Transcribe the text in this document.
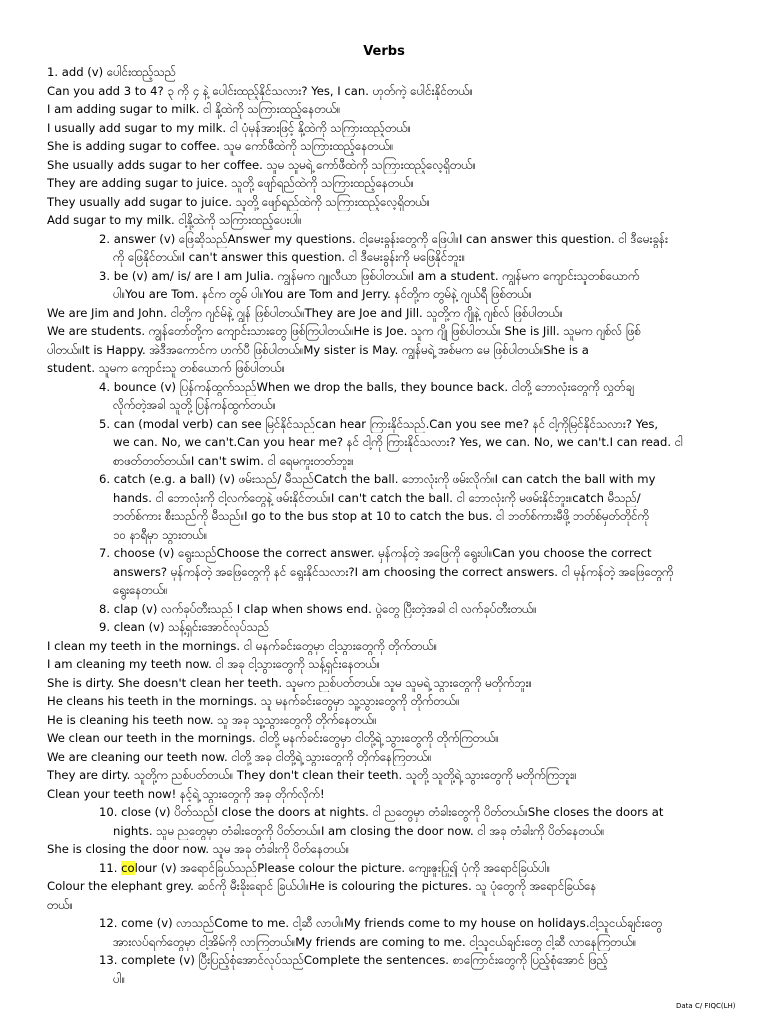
Verbs
1. add (v) ပေါင်းထည့်သည်
Can you add 3 to 4? ၃ ကို ၄ နဲ့ ပေါင်းထည့်နိုင်သလား? Yes, I can. ဟုတ်ကဲ့ ပေါင်းနိုင်တယ်။
I am adding sugar to milk. ငါ နို့ထဲကို သကြားထည့်နေတယ်။
I usually add sugar to my milk. ငါ ပုံမှန်အားဖြင့် နို့ထဲကို သကြားထည့်တယ်။
She is adding sugar to coffee. သူမ ကော်ဖီထဲကို သကြားထည့်နေတယ်။
She usually adds sugar to her coffee. သူမ သူမရဲ့ ကော်ဖီထဲကို သကြားထည့်လေ့ရှိတယ်။
They are adding sugar to juice. သူတို့ ဖျော်ရည်ထဲကို သကြားထည့်နေတယ်။
They usually add sugar to juice. သူတို့ ဖျော်ရည်ထဲကို သကြားထည့်လေ့ရှိတယ်။
Add sugar to my milk. ငါ့နို့ထဲကို သကြားထည့်ပေးပါ။
2. answer (v) ဖြေဆိုသည်Answer my questions. ငါ့မေးခွန်းတွေကို ဖြေပါ။I can answer this question. ငါ ဒီမေးခွန်း
ကို ဖြေနိုင်တယ်။I can't answer this question. ငါ ဒီမေးခွန်းကို မဖြေနိုင်ဘူး။
3. be (v) am/ is/ are I am Julia. ကျွန်မက ဂျူလီယာ ဖြစ်ပါတယ်။I am a student. ကျွန်မက ကျောင်းသူတစ်ယောက်
ပါ။You are Tom. နင်က တွမ် ပါ။You are Tom and Jerry. နင်တို့က တွမ်နဲ့ ဂျယ်ရီ ဖြစ်တယ်။
We are Jim and John. ငါတို့က ဂျင်မ်နဲ့ ဂျွန် ဖြစ်ပါတယ်။They are Joe and Jill. သူတို့က ဂျိုနဲ့ ဂျစ်လ် ဖြစ်ပါတယ်။
We are students. ကျွန်တော်တို့က ကျောင်းသားတွေ ဖြစ်ကြပါတယ်။He is Joe. သူက ဂျို ဖြစ်ပါတယ်။ She is Jill. သူမက ဂျစ်လ် ဖြစ်
ပါတယ်။It is Happy. အဲဒီအကောင်က ဟက်ပီ ဖြစ်ပါတယ်။My sister is May. ကျွန်မရဲ့ အစ်မက မေ ဖြစ်ပါတယ်။She is a
student. သူမက ကျောင်းသူ တစ်ယောက် ဖြစ်ပါတယ်။
4. bounce (v) ပြန်ကန်ထွက်သည်When we drop the balls, they bounce back. ငါတို့ ဘောလုံးတွေကို လွှတ်ချ
လိုက်တဲ့အခါ သူတို့ ပြန်ကန်ထွက်တယ်။
5. can (modal verb) can see မြင်နိုင်သည်can hear ကြားနိုင်သည်.Can you see me? နင် ငါ့ကိုမြင်နိုင်သလား? Yes,
we can. No, we can't.Can you hear me? နင် ငါ့ကို ကြားနိုင်သလား? Yes, we can. No, we can't.I can read. ငါ
စာဖတ်တတ်တယ်။I can't swim. ငါ ရေမကူးတတ်ဘူး။
6. catch (e.g. a ball) (v) ဖမ်းသည်/ မီသည်Catch the ball. ဘောလုံးကို ဖမ်းလိုက်။I can catch the ball with my
hands. ငါ ဘောလုံးကို ငါ့လက်တွေနဲ့ ဖမ်းနိုင်တယ်။I can't catch the ball. ငါ ဘောလုံးကို မဖမ်းနိုင်ဘူး။catch မီသည်/
ဘတ်စ်ကား စီးသည်ကို မီသည်။I go to the bus stop at 10 to catch the bus. ငါ ဘတ်စ်ကားမီဖို့ ဘတ်စ်မှတ်တိုင်ကို
၁၀ နာရီမှာ သွားတယ်။
7. choose (v) ရွေးသည်Choose the correct answer. မှန်ကန်တဲ့ အဖြေကို ရွေးပါ။Can you choose the correct
answers? မှန်ကန်တဲ့ အဖြေတွေကို နင် ရွေးနိုင်သလား?I am choosing the correct answers. ငါ မှန်ကန်တဲ့ အဖြေတွေကို
ရွေးနေတယ်။
8. clap (v) လက်ခုပ်တီးသည် I clap when shows end. ပွဲတွေ ပြီးတဲ့အခါ ငါ လက်ခုပ်တီးတယ်။
9. clean (v) သန့်ရှင်းအောင်လုပ်သည်
I clean my teeth in the mornings. ငါ မနက်ခင်းတွေမှာ ငါ့သွားတွေကို တိုက်တယ်။
I am cleaning my teeth now. ငါ အခု ငါ့သွားတွေကို သန့်ရှင်းနေတယ်။
She is dirty. She doesn't clean her teeth. သူမက ညစ်ပတ်တယ်။ သူမ သူမရဲ့ သွားတွေကို မတိုက်ဘူး။
He cleans his teeth in the mornings. သူ မနက်ခင်းတွေမှာ သူ့သွားတွေကို တိုက်တယ်။
He is cleaning his teeth now. သူ အခု သူ့သွားတွေကို တိုက်နေတယ်။
We clean our teeth in the mornings. ငါတို့ မနက်ခင်းတွေမှာ ငါတို့ရဲ့ သွားတွေကို တိုက်ကြတယ်။
We are cleaning our teeth now. ငါတို့ အခု ငါတို့ရဲ့ သွားတွေကို တိုက်နေကြတယ်။
They are dirty. သူတို့က ညစ်ပတ်တယ်။ They don't clean their teeth. သူတို့ သူတို့ရဲ့ သွားတွေကို မတိုက်ကြဘူး။
Clean your teeth now! နင့်ရဲ့ သွားတွေကို အခု တိုက်လိုက်!
10. close (v) ပိတ်သည်I close the doors at nights. ငါ ညတွေမှာ တံခါးတွေကို ပိတ်တယ်။She closes the doors at
nights. သူမ ညတွေမှာ တံခါးတွေကို ပိတ်တယ်။I am closing the door now. ငါ အခု တံခါးကို ပိတ်နေတယ်။
She is closing the door now. သူမ အခု တံခါးကို ပိတ်နေတယ်။
11. colour (v) အရောင်ခြယ်သည်Please colour the picture. ကျေးဇူးပြု၍ ပုံကို အရောင်ခြယ်ပါ။
Colour the elephant grey. ဆင်ကို မီးခိုးရောင် ခြယ်ပါ။He is colouring the pictures. သူ ပုံတွေကို အရောင်ခြယ်နေ
တယ်။
12. come (v) လာသည်Come to me. ငါ့ဆီ လာပါ။My friends come to my house on holidays.ငါ့သူငယ်ချင်းတွေ
အားလပ်ရက်တွေမှာ ငါ့အိမ်ကို လာကြတယ်။My friends are coming to me. ငါ့သူငယ်ချင်းတွေ ငါ့ဆီ လာနေကြတယ်။
13. complete (v) ပြီးပြည့်စုံအောင်လုပ်သည်Complete the sentences. စာကြောင်းတွေကို ပြည့်စုံအောင် ဖြည့်
ပါ။
Data C/ FIQC(LH)
